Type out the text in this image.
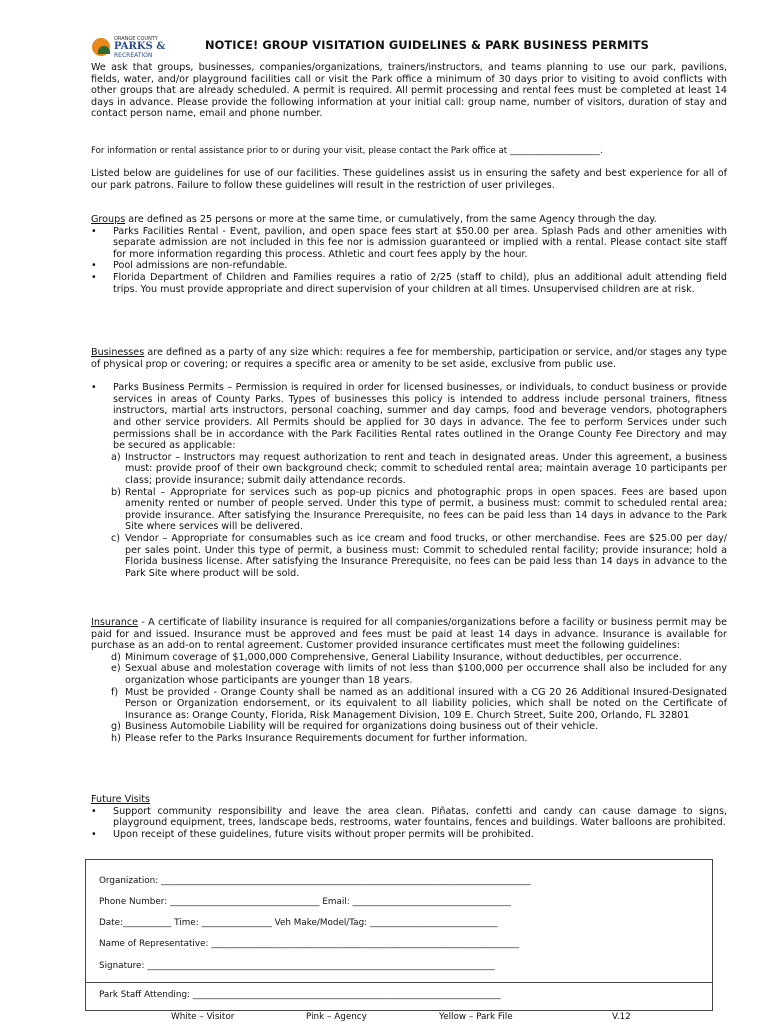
ORANGE COUNTY
PARKS &
RECREATION
NOTICE! GROUP VISITATION GUIDELINES & PARK BUSINESS PERMITS

We ask that groups, businesses, companies/organizations, trainers/instructors, and teams planning to use our park, pavilions, fields, water, and/or playground facilities call or visit the Park office a minimum of 30 days prior to visiting to avoid conflicts with other groups that are already scheduled. A permit is required. All permit processing and rental fees must be completed at least 14 days in advance. Please provide the following information at your initial call: group name, number of visitors, duration of stay and contact person name, email and phone number.

For information or rental assistance prior to or during your visit, please contact the Park office at _____________________.

Listed below are guidelines for use of our facilities. These guidelines assist us in ensuring the safety and best experience for all of our park patrons. Failure to follow these guidelines will result in the restriction of user privileges.

Groups are defined as 25 persons or more at the same time, or cumulatively, from the same Agency through the day.

• Parks Facilities Rental - Event, pavilion, and open space fees start at $50.00 per area. Splash Pads and other amenities with separate admission are not included in this fee nor is admission guaranteed or implied with a rental. Please contact site staff for more information regarding this process. Athletic and court fees apply by the hour.
• Pool admissions are non-refundable.
• Florida Department of Children and Families requires a ratio of 2/25 (staff to child), plus an additional adult attending field trips. You must provide appropriate and direct supervision of your children at all times. Unsupervised children are at risk.

Businesses are defined as a party of any size which: requires a fee for membership, participation or service, and/or stages any type of physical prop or covering; or requires a specific area or amenity to be set aside, exclusive from public use.

• Parks Business Permits – Permission is required in order for licensed businesses, or individuals, to conduct business or provide services in areas of County Parks. Types of businesses this policy is intended to address include personal trainers, fitness instructors, martial arts instructors, personal coaching, summer and day camps, food and beverage vendors, photographers and other service providers. All Permits should be applied for 30 days in advance. The fee to perform Services under such permissions shall be in accordance with the Park Facilities Rental rates outlined in the Orange County Fee Directory and may be secured as applicable:
a) Instructor – Instructors may request authorization to rent and teach in designated areas. Under this agreement, a business must: provide proof of their own background check; commit to scheduled rental area; maintain average 10 participants per class; provide insurance; submit daily attendance records.
b) Rental – Appropriate for services such as pop-up picnics and photographic props in open spaces. Fees are based upon amenity rented or number of people served. Under this type of permit, a business must: commit to scheduled rental area; provide insurance. After satisfying the Insurance Prerequisite, no fees can be paid less than 14 days in advance to the Park Site where services will be delivered.
c) Vendor – Appropriate for consumables such as ice cream and food trucks, or other merchandise. Fees are $25.00 per day/ per sales point. Under this type of permit, a business must: Commit to scheduled rental facility; provide insurance; hold a Florida business license. After satisfying the Insurance Prerequisite, no fees can be paid less than 14 days in advance to the Park Site where product will be sold.

Insurance - A certificate of liability insurance is required for all companies/organizations before a facility or business permit may be paid for and issued. Insurance must be approved and fees must be paid at least 14 days in advance. Insurance is available for purchase as an add-on to rental agreement. Customer provided insurance certificates must meet the following guidelines:

d) Minimum coverage of $1,000,000 Comprehensive, General Liability Insurance, without deductibles, per occurrence.
e) Sexual abuse and molestation coverage with limits of not less than $100,000 per occurrence shall also be included for any organization whose participants are younger than 18 years.
f) Must be provided - Orange County shall be named as an additional insured with a CG 20 26 Additional Insured-Designated Person or Organization endorsement, or its equivalent to all liability policies, which shall be noted on the Certificate of Insurance as: Orange County, Florida, Risk Management Division, 109 E. Church Street, Suite 200, Orlando, FL 32801
g) Business Automobile Liability will be required for organizations doing business out of their vehicle.
h) Please refer to the Parks Insurance Requirements document for further information.

Future Visits

• Support community responsibility and leave the area clean. Piñatas, confetti and candy can cause damage to signs, playground equipment, trees, landscape beds, restrooms, water fountains, fences and buildings. Water balloons are prohibited.
• Upon receipt of these guidelines, future visits without proper permits will be prohibited.
Organization: ____________________________________________________________________________________
Phone Number: __________________________________ Email: ____________________________________
Date:___________ Time: ________________ Veh Make/Model/Tag: _____________________________
Name of Representative: ______________________________________________________________________
Signature: _______________________________________________________________________________
Park Staff Attending: ______________________________________________________________________
White – Visitor	Pink – Agency	Yellow – Park File	V.12
